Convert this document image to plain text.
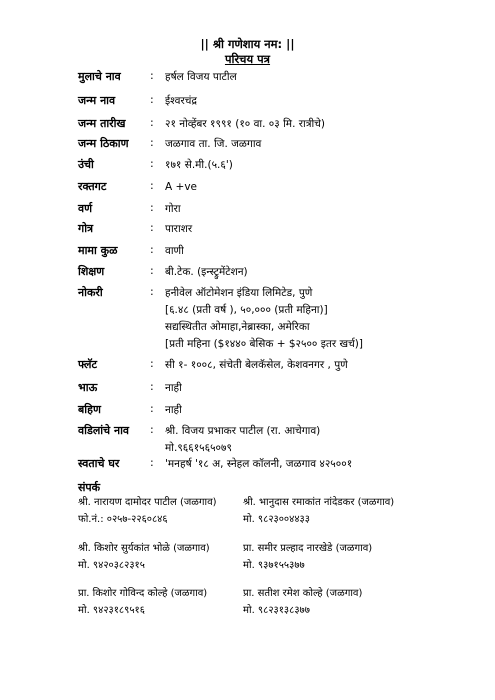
|| श्री गणेशाय नम: ||
परिचय पत्र
मुलाचे नाव	: हर्षल विजय पाटील
जन्म नाव	: ईश्वरचंद्र
जन्म तारीख : २१ नोव्हेंबर १९९१ (१० वा. ०३ मि. रात्रीचे)
जन्म ठिकाण : जळगाव ता. जि. जळगाव
उंची	: १७१ से.मी.(५.६')
रक्तगट	: A +ve
वर्ण	: गोरा
गोत्र	: पाराशर
मामा कुळ	: वाणी
शिक्षण	: बी.टेक. (इन्स्ट्रुमेंटेशन)
नोकरी	: हनीवेल ऑटोमेशन इंडिया लिमिटेड, पुणे
[६.४८ (प्रती वर्ष ), ५०,००० (प्रती महिना)]
सद्यस्थितीत ओमाहा,नेब्रास्का, अमेरिका
[प्रती महिना ($१४४० बेसिक + $२५०० इतर खर्च)]
फ्लॅट	: सी १- १००८, संचेती बेलकॅसेल, केशवनगर , पुणे
भाऊ	: नाही
बहिण	: नाही
वडिलांचे नाव : श्री. विजय प्रभाकर पाटील (रा. आचेगाव)
मो.९६६१५६५०७९
स्वताचे घर	: 'मनहर्ष '१८ अ, स्नेहल कॉलनी, जळगाव ४२५००१
संपर्क
श्री. नारायण दामोदर पाटील (जळगाव)
फो.नं.: ०२५७-२२६०८४६
श्री. भानुदास रमाकांत नांदेडकर (जळगाव)
मो. ९८२३००४४३३
श्री. किशोर सुर्यकांत भोळे (जळगाव)
मो. ९४२०३८२३१५
प्रा. समीर प्रल्हाद नारखेडे (जळगाव)
मो. ९३७१५५३७७
प्रा. किशोर गोविन्द कोल्हे (जळगाव)
मो. ९४२३१८९५१६
प्रा. सतीश रमेश कोल्हे (जळगाव)
मो. ९८२३१३८३७७
